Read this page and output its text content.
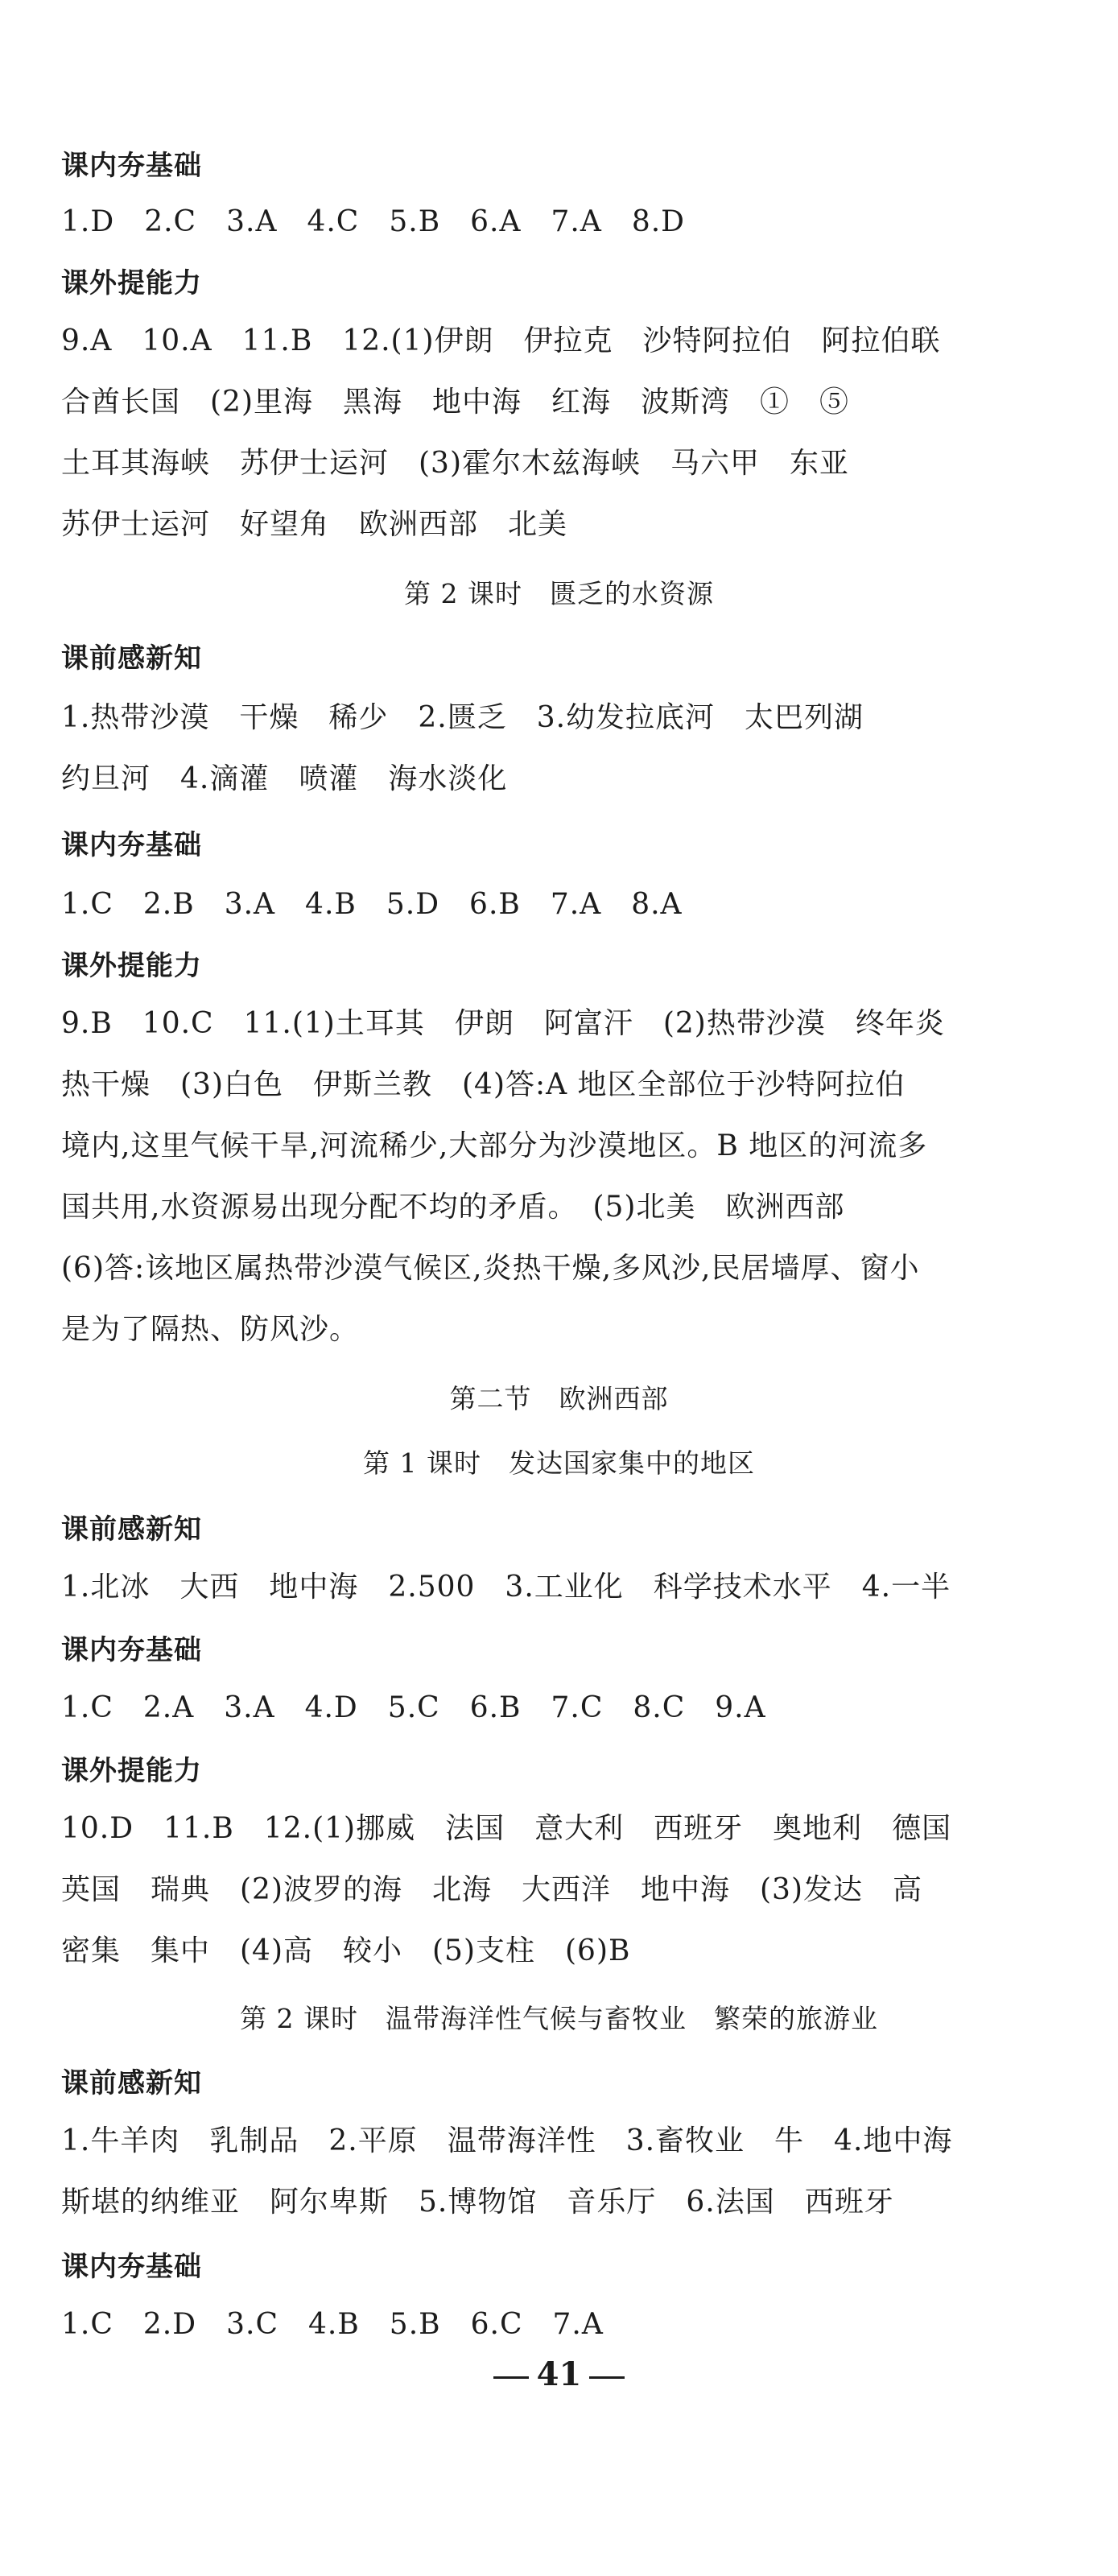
课内夯基础
1.D　2.C　3.A　4.C　5.B　6.A　7.A　8.D
课外提能力
9.A　10.A　11.B　12.(1)伊朗　伊拉克　沙特阿拉伯　阿拉伯联
合酋长国　(2)里海　黑海　地中海　红海　波斯湾　①　⑤
土耳其海峡　苏伊士运河　(3)霍尔木兹海峡　马六甲　东亚
苏伊士运河　好望角　欧洲西部　北美
第 2 课时　匮乏的水资源
课前感新知
1.热带沙漠　干燥　稀少　2.匮乏　3.幼发拉底河　太巴列湖
约旦河　4.滴灌　喷灌　海水淡化
课内夯基础
1.C　2.B　3.A　4.B　5.D　6.B　7.A　8.A
课外提能力
9.B　10.C　11.(1)土耳其　伊朗　阿富汗　(2)热带沙漠　终年炎
热干燥　(3)白色　伊斯兰教　(4)答:A 地区全部位于沙特阿拉伯
境内,这里气候干旱,河流稀少,大部分为沙漠地区。B 地区的河流多
国共用,水资源易出现分配不均的矛盾。　(5)北美　欧洲西部
(6)答:该地区属热带沙漠气候区,炎热干燥,多风沙,民居墙厚、窗小
是为了隔热、防风沙。
第二节　欧洲西部
第 1 课时　发达国家集中的地区
课前感新知
1.北冰　大西　地中海　2.500　3.工业化　科学技术水平　4.一半
课内夯基础
1.C　2.A　3.A　4.D　5.C　6.B　7.C　8.C　9.A
课外提能力
10.D　11.B　12.(1)挪威　法国　意大利　西班牙　奥地利　德国
英国　瑞典　(2)波罗的海　北海　大西洋　地中海　(3)发达　高
密集　集中　(4)高　较小　(5)支柱　(6)B
第 2 课时　温带海洋性气候与畜牧业　繁荣的旅游业
课前感新知
1.牛羊肉　乳制品　2.平原　温带海洋性　3.畜牧业　牛　4.地中海
斯堪的纳维亚　阿尔卑斯　5.博物馆　音乐厅　6.法国　西班牙
课内夯基础
1.C　2.D　3.C　4.B　5.B　6.C　7.A
41
